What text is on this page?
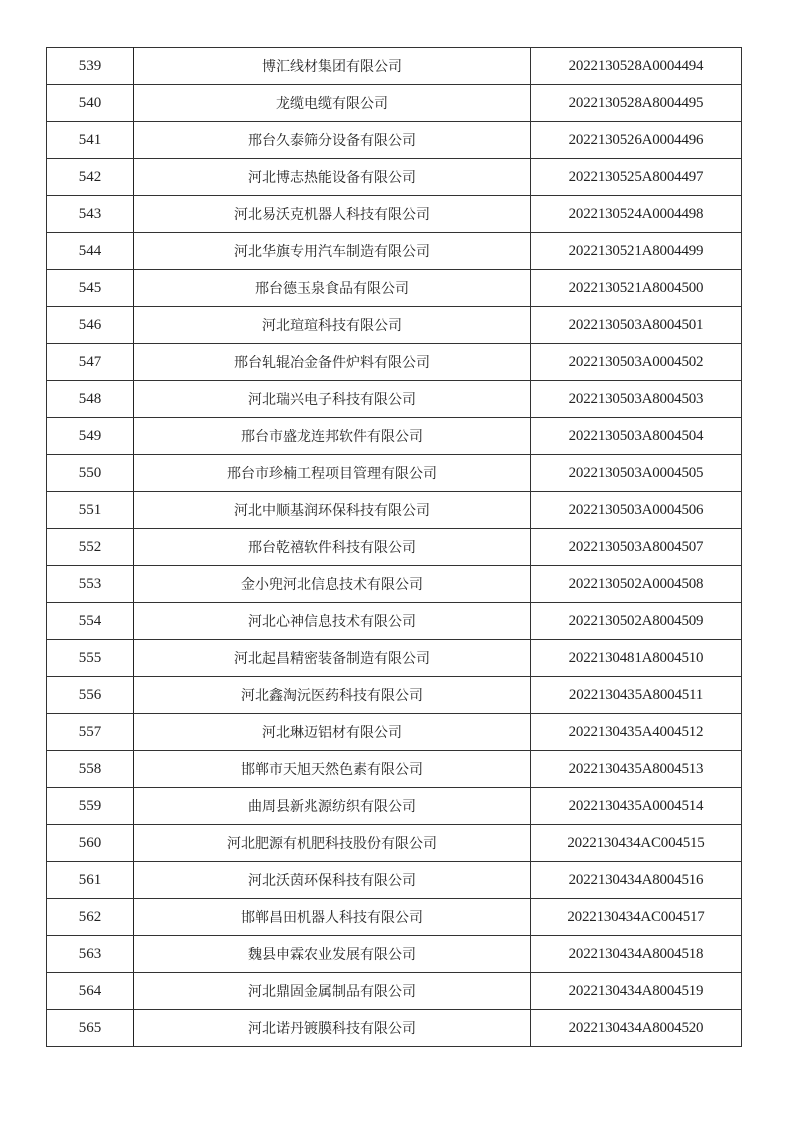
539	博汇线材集团有限公司	2022130528A0004494
540	龙缆电缆有限公司	2022130528A8004495
541	邢台久泰筛分设备有限公司	2022130526A0004496
542	河北博志热能设备有限公司	2022130525A8004497
543	河北易沃克机器人科技有限公司	2022130524A0004498
544	河北华旗专用汽车制造有限公司	2022130521A8004499
545	邢台德玉泉食品有限公司	2022130521A8004500
546	河北瑄瑄科技有限公司	2022130503A8004501
547	邢台轧辊冶金备件炉料有限公司	2022130503A0004502
548	河北瑞兴电子科技有限公司	2022130503A8004503
549	邢台市盛龙连邦软件有限公司	2022130503A8004504
550	邢台市珍楠工程项目管理有限公司	2022130503A0004505
551	河北中顺基润环保科技有限公司	2022130503A0004506
552	邢台乾禧软件科技有限公司	2022130503A8004507
553	金小兜河北信息技术有限公司	2022130502A0004508
554	河北心神信息技术有限公司	2022130502A8004509
555	河北起昌精密装备制造有限公司	2022130481A8004510
556	河北鑫淘沅医药科技有限公司	2022130435A8004511
557	河北琳迈铝材有限公司	2022130435A4004512
558	邯郸市天旭天然色素有限公司	2022130435A8004513
559	曲周县新兆源纺织有限公司	2022130435A0004514
560	河北肥源有机肥科技股份有限公司	2022130434AC004515
561	河北沃茵环保科技有限公司	2022130434A8004516
562	邯郸昌田机器人科技有限公司	2022130434AC004517
563	魏县申霖农业发展有限公司	2022130434A8004518
564	河北鼎固金属制品有限公司	2022130434A8004519
565	河北诺丹镀膜科技有限公司	2022130434A8004520
